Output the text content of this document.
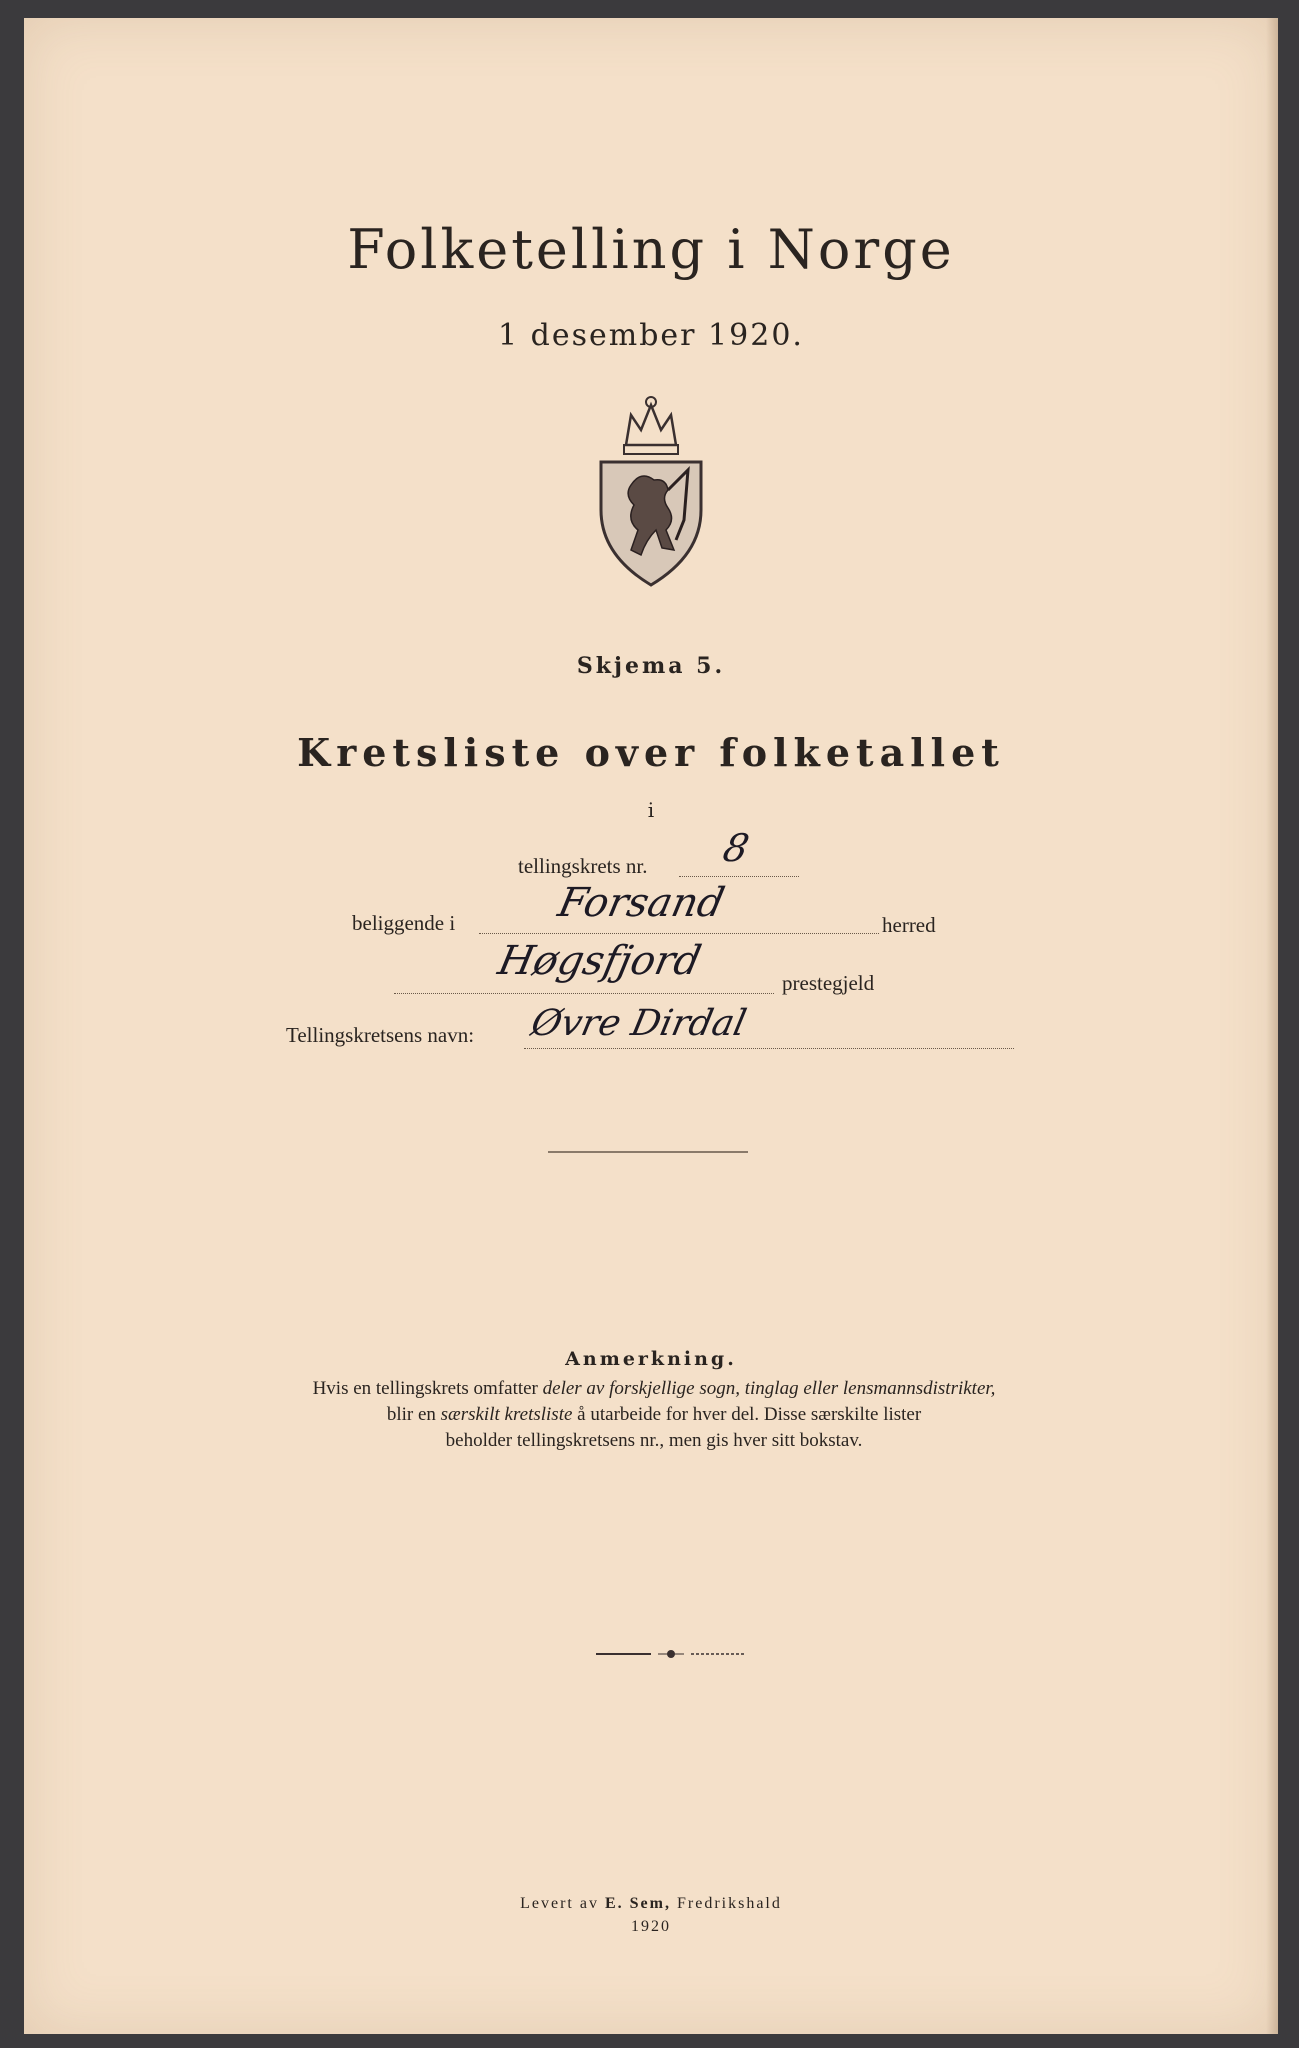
Folketelling i Norge
1 desember 1920.
Skjema 5.
Kretsliste over folketallet
i
tellingskrets nr. 8
beliggende i Forsand	herred
Høgsfjord	prestegjeld
Tellingskretsens navn: Øvre Dirdal
Anmerkning.
Hvis en tellingskrets omfatter deler av forskjellige sogn, tinglag eller lensmannsdistrikter,
blir en særskilt kretsliste å utarbeide for hver del. Disse særskilte lister
beholder tellingskretsens nr., men gis hver sitt bokstav.
Levert av E. Sem, Fredrikshald
1920
